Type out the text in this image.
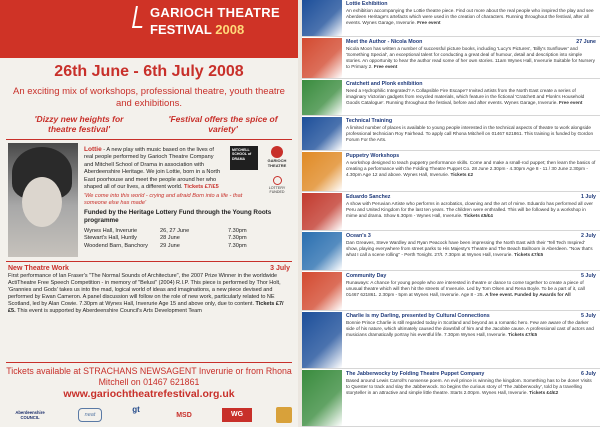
GARIOCH THEATRE
FESTIVAL 2008
26th June - 6th July 2008
An exciting mix of workshops, professional theatre, youth theatre and exhibitions.
'Dizzy new heights for theatre festival'
'Festival offers the spice of variety'
Lottie - A new play with music based on the lives of real people performed by Garioch Theatre Company and Mitchell School of Drama in association with Aberdeenshire Heritage. We join Lottie, born in a North East poorhouse and meet the people around her who shaped all of our lives, a different world. Tickets £7/£5
MITCHELL SCHOOL of DRAMA	GARIOCH THEATRE
LOTTERY FUNDED
'We come into this world - crying and afraid Born into a life - that someone else has made'
Funded by the Heritage Lottery Fund through the Young Roots programme
Wynes Hall, Inverurie	26, 27 June	7.30pm
Stewart's Hall, Huntly	28 June	7.30pm
Woodend Barn, Banchory	29 June	7.30pm
New Theatre Work	3 July
First performance of Ian Fraser's "The Normal Sounds of Architecture", the 2007 Prize Winner in the worldwide ActiTheatre Free Speech Competition - in memory of "Belusi" (2004) R.I.P. This piece is performed by Thor Holt, 'Grannies and Gods' takes us into the mad, logical world of ideas and imaginations, a new piece devised and performed by Ewan Cameron. A panel discussion will follow on the role of new work, particularly related to NE Scotland, led by Alan Cowie. 7.30pm at Wynes Hall, Inverurie Age 15 and above only, due to content. Tickets £7/£5. This event is supported by Aberdeenshire Council's Arts Development Team
Tickets available at STRACHANS NEWSAGENT Inverurie or from Rhona Mitchell on 01467 621861
www.gariochtheatrefestival.org.uk
Aberdeenshire COUNCIL	neat
gt
MSD	WG
Lottie Exhibition
An exhibition accompanying the Lottie theatre piece. Find out more about the real people who inspired the play and see Aberdeen Heritage's artefacts which were used in the creation of characters. Running throughout the festival, after all events. Wynes Garage, Inverurie. Free event
Meet the Author - Nicola Moon	27 June
Nicola Moon has written a number of successful picture books, including 'Lucy's Pictures', 'Billy's Sunflower' and 'Something Special', an exceptional talent for conducting a great deal of humour, detail and description into simple stories. An opportunity to hear the author read some of her own stories. 11am Wynes Hall, Inverurie Suitable for Nursery to Primary 2. Free event
Cratchett and Plonk exhibition
Need a Hydrophilic Integrated? A Collapsible Fire Escape? Invited artists from the North East create a series of imaginary Victorian gadgets from recycled materials, which feature in the fictional 'Cratchett and Plonk's Household Goods Catalogue'. Running throughout the festival, before and after events. Wynes Garage, Inverurie. Free event
Technical Training
A limited number of places is available to young people interested in the technical aspects of theatre to work alongside professional technician Roy Fairhead. To apply call Rhona Mitchell on 01467 621861. This training is funded by Gordon Forum For the Arts.
Puppetry Workshops
A workshop designed to teach puppetry performance skills. Come and make a small-rod puppet; then learn the basics of creating a performance with the Folding Theatre Puppet Co. 28 June 2.30pm - 4.30pm Age 8 - 11 / 30 June 2.30pm - 4.30pm Age 12 and above. Wynes Hall, Inverurie. Tickets £2
Eduardo Sanchez	1 July
A show with Peruvian Artiste who performs in acrobatics, clowning and the art of mime. Eduardo has performed all over Peru and United Kingdom for the last ten years. The children were enthralled. This will be followed by a workshop in mime and drama. Show 6.30pm - Wynes Hall, Inverurie. Tickets £5/£4
Ocean's 3	2 July
Dan Greaves, Steve Wardley and Ryan Peacock have been impressing the North East with their 'Tell Tech Inspired' show, playing everywhere from street parks to His Majesty's Theatre and The Beach Ballroom in Aberdeen. "Now that's what I call a scene rolling" - Perth Tonight. 27/t. 7.30pm at Wynes Hall, Inverurie. Tickets £7/£5
Community Day	5 July
Runaways: A chance for young people who are interested in theatre or dance to come together to create a piece of unusual theatre which will then hit the streets of Inverurie. Led by Tom Olsen and Rena Boyle. To be a part of it, call 01467 621861. 2.30pm - 5pm at Wynes Hall, Inverurie. Age 8 - 25. A free event. Funded by Awards for All
Charlie is my Darling, presented by Cultural Connections	5 July
Bonnie Prince Charlie is still regarded today in Scotland and beyond as a romantic hero. Few are aware of the darker side of his nature, which ultimately caused the downfall of him and the Jacobite cause. A professional cast of actors and musicians dramatically portray his eventful life. 7.30pm Wynes Hall, Inverurie. Tickets £7/£5
The Jabberwocky by Folding Theatre Puppet Company	6 July
Based around Lewis Carroll's nonsense poem. An evil prince is winning the kingdom. Something has to be done! Visits to Quester to track and slay the Jabberwock. So begins the curious story of 'The Jabberwocky', told by a travelling storyteller in an attractive and simple little theatre. Starts 2.00pm. Wynes Hall, Inverurie. Tickets £4/£2
